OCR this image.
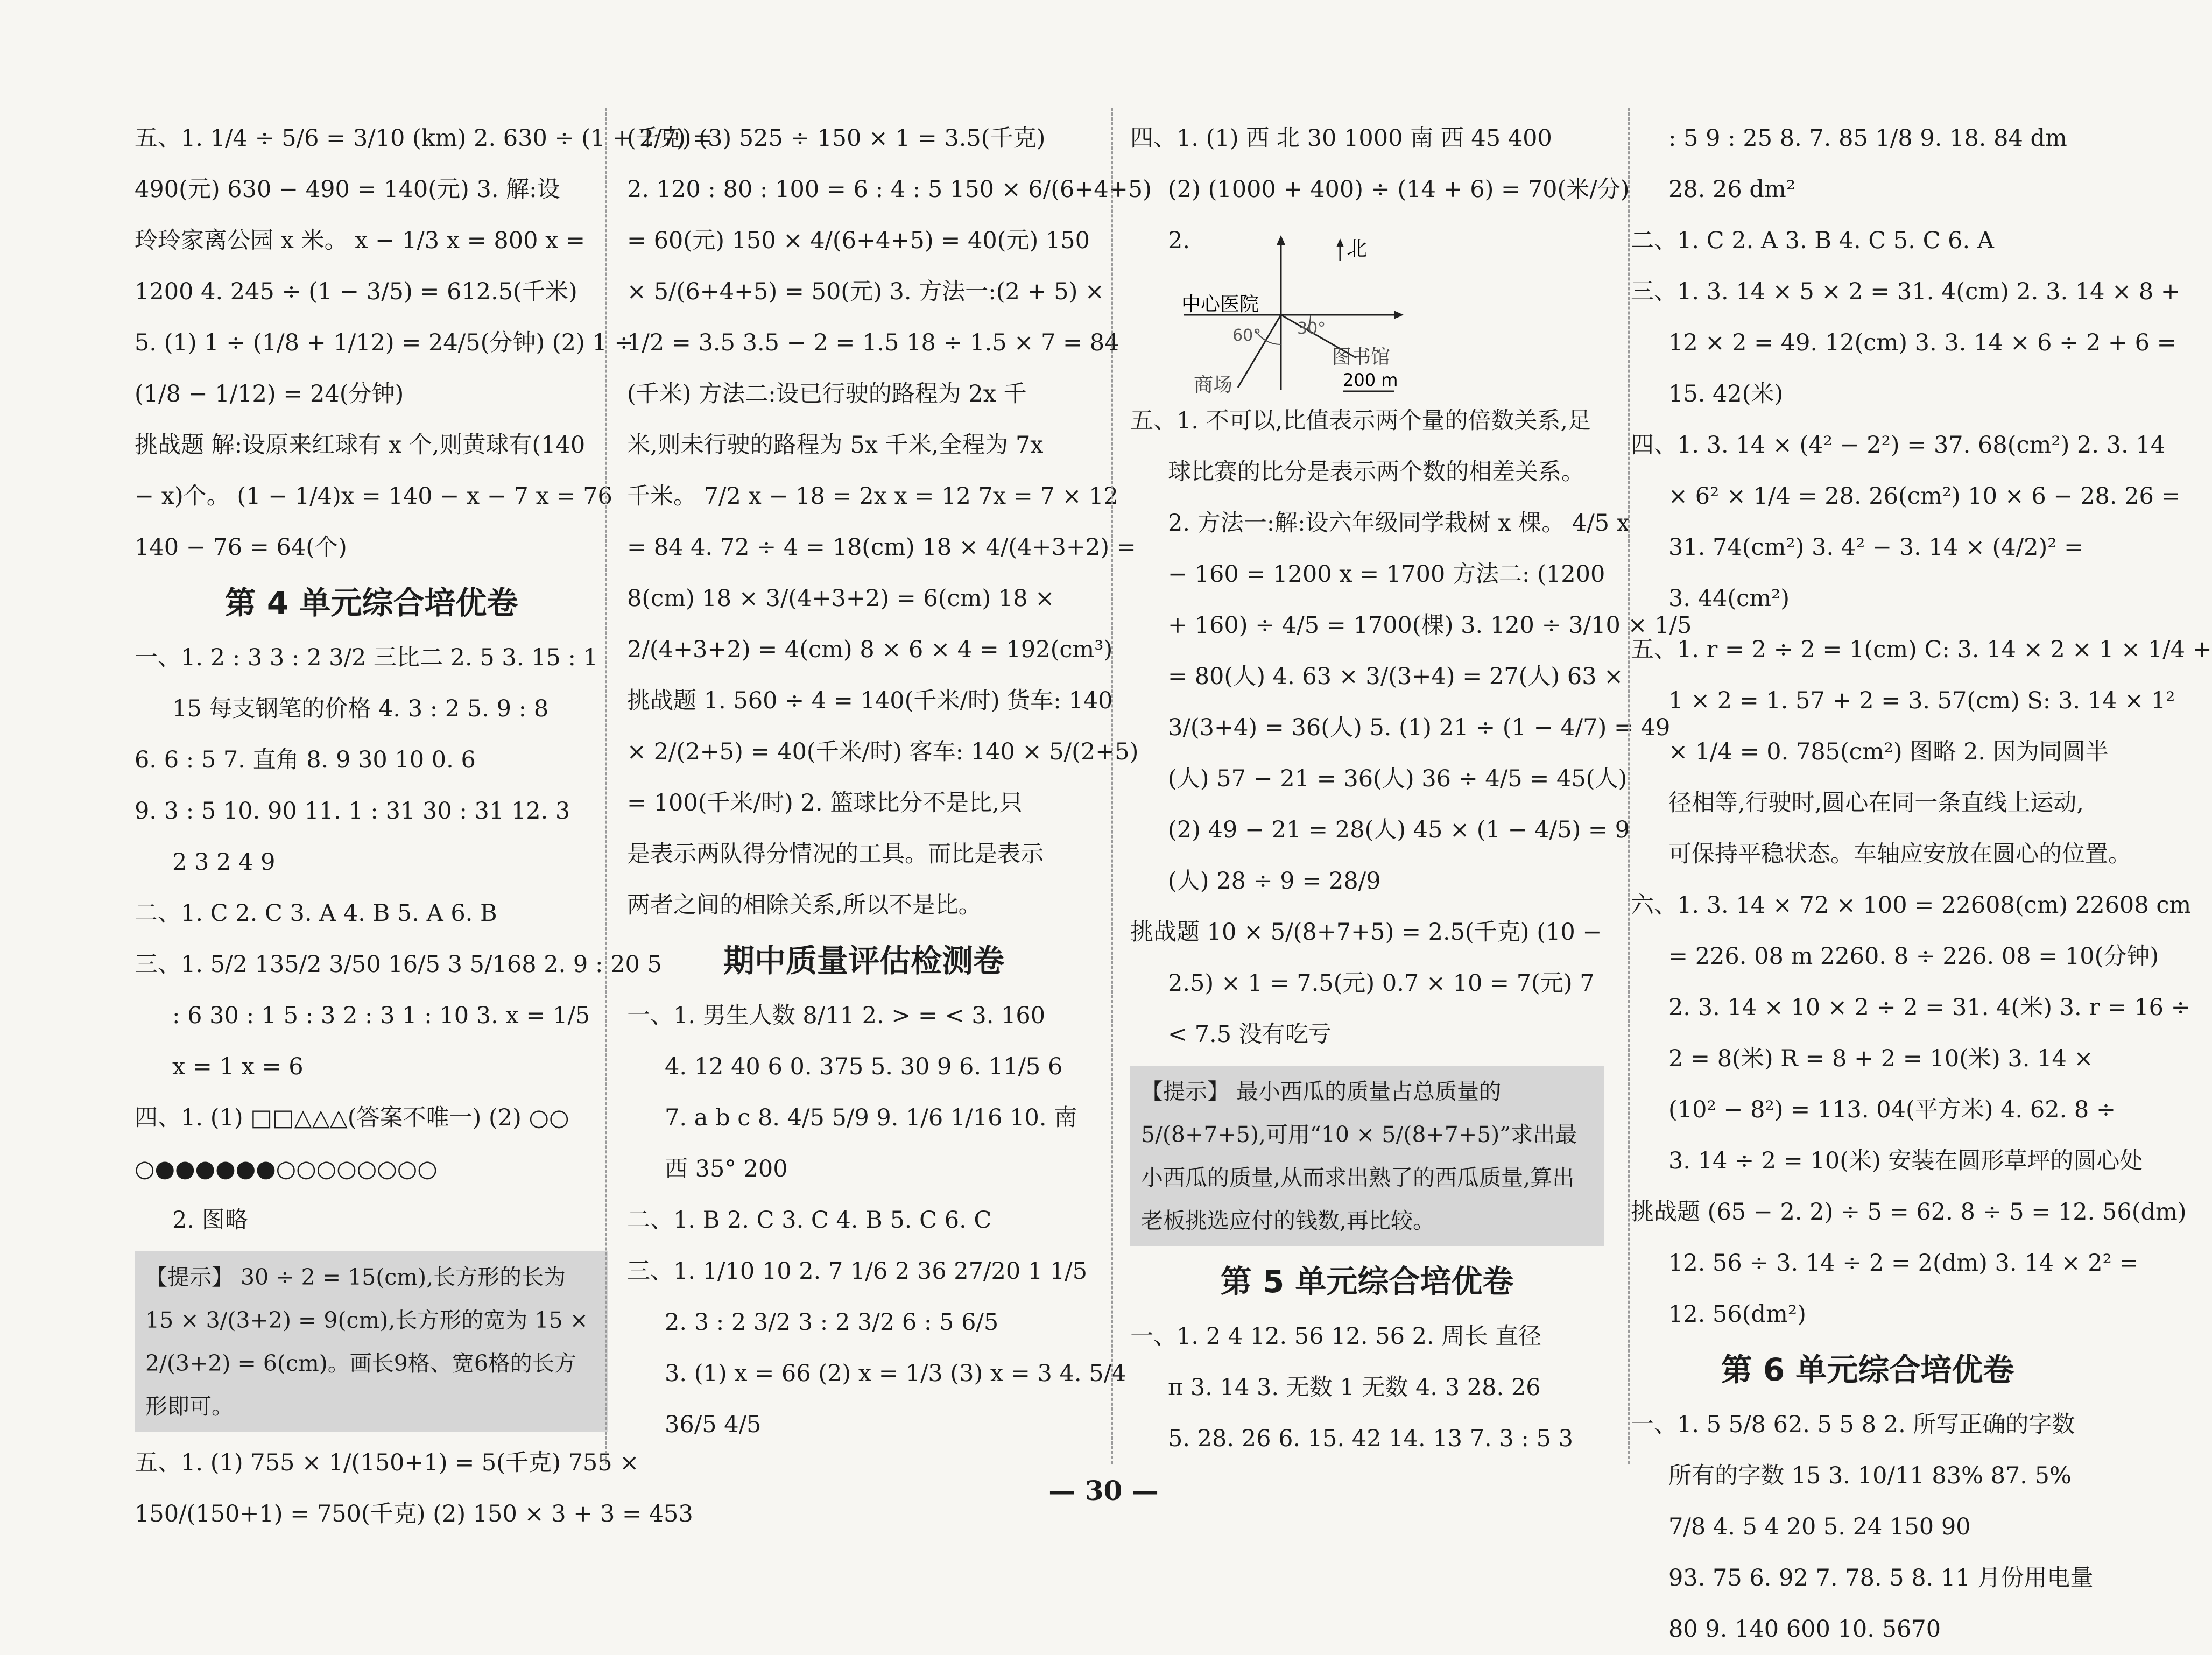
五、1. 1/4 ÷ 5/6 = 3/10 (km) 2. 630 ÷ (1 + 2/7) =
490(元) 630 − 490 = 140(元) 3. 解:设
玲玲家离公园 x 米。 x − 1/3 x = 800 x =
1200 4. 245 ÷ (1 − 3/5) = 612.5(千米)
5. (1) 1 ÷ (1/8 + 1/12) = 24/5(分钟) (2) 1 ÷
(1/8 − 1/12) = 24(分钟)
挑战题 解:设原来红球有 x 个,则黄球有(140
− x)个。 (1 − 1/4)x = 140 − x − 7 x = 76
140 − 76 = 64(个)
第 4 单元综合培优卷
一、1. 2 : 3 3 : 2 3/2 三比二 2. 5 3. 15 : 1
15 每支钢笔的价格 4. 3 : 2 5. 9 : 8
6. 6 : 5 7. 直角 8. 9 30 10 0. 6
9. 3 : 5 10. 90 11. 1 : 31 30 : 31 12. 3
2 3 2 4 9
二、1. C 2. C 3. A 4. B 5. A 6. B
三、1. 5/2 135/2 3/50 16/5 3 5/168 2. 9 : 20 5
: 6 30 : 1 5 : 3 2 : 3 1 : 10 3. x = 1/5
x = 1 x = 6
四、1. (1) □□△△△(答案不唯一) (2) ○○
○●●●●●●○○○○○○○○
2. 图略
【提示】 30 ÷ 2 = 15(cm),长方形的长为 15 × 3/(3+2) = 9(cm),长方形的宽为 15 × 2/(3+2) = 6(cm)。画长9格、宽6格的长方形即可。
五、1. (1) 755 × 1/(150+1) = 5(千克) 755 ×
150/(150+1) = 750(千克) (2) 150 × 3 + 3 = 453
(千克) (3) 525 ÷ 150 × 1 = 3.5(千克)
2. 120 : 80 : 100 = 6 : 4 : 5 150 × 6/(6+4+5)
= 60(元) 150 × 4/(6+4+5) = 40(元) 150
× 5/(6+4+5) = 50(元) 3. 方法一:(2 + 5) ×
1/2 = 3.5 3.5 − 2 = 1.5 18 ÷ 1.5 × 7 = 84
(千米) 方法二:设已行驶的路程为 2x 千
米,则未行驶的路程为 5x 千米,全程为 7x
千米。 7/2 x − 18 = 2x x = 12 7x = 7 × 12
= 84 4. 72 ÷ 4 = 18(cm) 18 × 4/(4+3+2) =
8(cm) 18 × 3/(4+3+2) = 6(cm) 18 ×
2/(4+3+2) = 4(cm) 8 × 6 × 4 = 192(cm³)
挑战题 1. 560 ÷ 4 = 140(千米/时) 货车: 140
× 2/(2+5) = 40(千米/时) 客车: 140 × 5/(2+5)
= 100(千米/时) 2. 篮球比分不是比,只
是表示两队得分情况的工具。而比是表示
两者之间的相除关系,所以不是比。
期中质量评估检测卷
一、1. 男生人数 8/11 2. > = < 3. 160
4. 12 40 6 0. 375 5. 30 9 6. 11/5 6
7. a b c 8. 4/5 5/9 9. 1/6 1/16 10. 南
西 35° 200
二、1. B 2. C 3. C 4. B 5. C 6. C
三、1. 1/10 10 2. 7 1/6 2 36 27/20 1 1/5
2. 3 : 2 3/2 3 : 2 3/2 6 : 5 6/5
3. (1) x = 66 (2) x = 1/3 (3) x = 3 4. 5/4
36/5 4/5
四、1. (1) 西 北 30 1000 南 西 45 400
(2) (1000 + 400) ÷ (14 + 6) = 70(米/分)
2.	北
中心医院
图书馆
商场
60° 30°
200 m
五、1. 不可以,比值表示两个量的倍数关系,足
球比赛的比分是表示两个数的相差关系。
2. 方法一:解:设六年级同学栽树 x 棵。 4/5 x
− 160 = 1200 x = 1700 方法二: (1200
+ 160) ÷ 4/5 = 1700(棵) 3. 120 ÷ 3/10 × 1/5
= 80(人) 4. 63 × 3/(3+4) = 27(人) 63 ×
3/(3+4) = 36(人) 5. (1) 21 ÷ (1 − 4/7) = 49
(人) 57 − 21 = 36(人) 36 ÷ 4/5 = 45(人)
(2) 49 − 21 = 28(人) 45 × (1 − 4/5) = 9
(人) 28 ÷ 9 = 28/9
挑战题 10 × 5/(8+7+5) = 2.5(千克) (10 −
2.5) × 1 = 7.5(元) 0.7 × 10 = 7(元) 7
< 7.5 没有吃亏
【提示】 最小西瓜的质量占总质量的 5/(8+7+5),可用“10 × 5/(8+7+5)”求出最小西瓜的质量,从而求出熟了的西瓜质量,算出老板挑选应付的钱数,再比较。
第 5 单元综合培优卷
一、1. 2 4 12. 56 12. 56 2. 周长 直径
π 3. 14 3. 无数 1 无数 4. 3 28. 26
5. 28. 26 6. 15. 42 14. 13 7. 3 : 5 3
: 5 9 : 25 8. 7. 85 1/8 9. 18. 84 dm
28. 26 dm²
二、1. C 2. A 3. B 4. C 5. C 6. A
三、1. 3. 14 × 5 × 2 = 31. 4(cm) 2. 3. 14 × 8 +
12 × 2 = 49. 12(cm) 3. 3. 14 × 6 ÷ 2 + 6 =
15. 42(米)
四、1. 3. 14 × (4² − 2²) = 37. 68(cm²) 2. 3. 14
× 6² × 1/4 = 28. 26(cm²) 10 × 6 − 28. 26 =
31. 74(cm²) 3. 4² − 3. 14 × (4/2)² =
3. 44(cm²)
五、1. r = 2 ÷ 2 = 1(cm) C: 3. 14 × 2 × 1 × 1/4 +
1 × 2 = 1. 57 + 2 = 3. 57(cm) S: 3. 14 × 1²
× 1/4 = 0. 785(cm²) 图略 2. 因为同圆半
径相等,行驶时,圆心在同一条直线上运动,
可保持平稳状态。车轴应安放在圆心的位置。
六、1. 3. 14 × 72 × 100 = 22608(cm) 22608 cm
= 226. 08 m 2260. 8 ÷ 226. 08 = 10(分钟)
2. 3. 14 × 10 × 2 ÷ 2 = 31. 4(米) 3. r = 16 ÷
2 = 8(米) R = 8 + 2 = 10(米) 3. 14 ×
(10² − 8²) = 113. 04(平方米) 4. 62. 8 ÷
3. 14 ÷ 2 = 10(米) 安装在圆形草坪的圆心处
挑战题 (65 − 2. 2) ÷ 5 = 62. 8 ÷ 5 = 12. 56(dm)
12. 56 ÷ 3. 14 ÷ 2 = 2(dm) 3. 14 × 2² =
12. 56(dm²)
第 6 单元综合培优卷
一、1. 5 5/8 62. 5 5 8 2. 所写正确的字数
所有的字数 15 3. 10/11 83% 87. 5%
7/8 4. 5 4 20 5. 24 150 90
93. 75 6. 92 7. 78. 5 8. 11 月份用电量
80 9. 140 600 10. 5670
— 30 —
